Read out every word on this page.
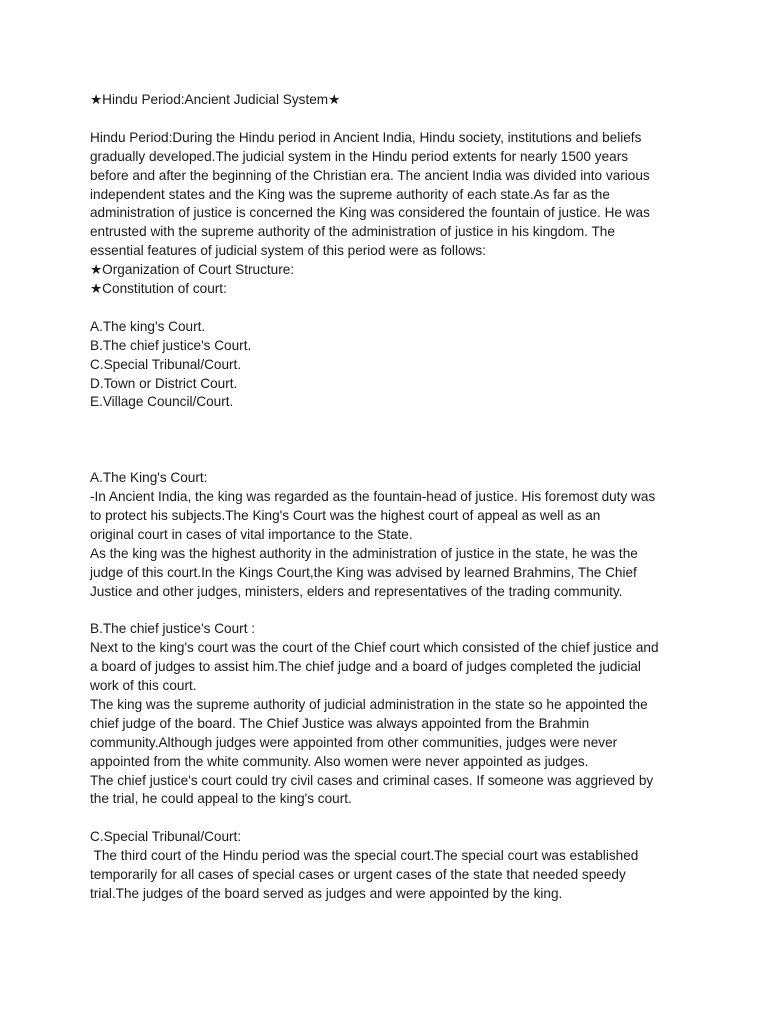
★Hindu Period:Ancient Judicial System★
Hindu Period:During the Hindu period in Ancient India, Hindu society, institutions and beliefs
gradually developed.The judicial system in the Hindu period extents for nearly 1500 years
before and after the beginning of the Christian era. The ancient India was divided into various
independent states and the King was the supreme authority of each state.As far as the
administration of justice is concerned the King was considered the fountain of justice. He was
entrusted with the supreme authority of the administration of justice in his kingdom. The
essential features of judicial system of this period were as follows:
★Organization of Court Structure:
★Constitution of court:
A.The king's Court.
B.The chief justice's Court.
C.Special Tribunal/Court.
D.Town or District Court.
E.Village Council/Court.
A.The King's Court:
-In Ancient India, the king was regarded as the fountain-head of justice. His foremost duty was
to protect his subjects.The King's Court was the highest court of appeal as well as an
original court in cases of vital importance to the State.
As the king was the highest authority in the administration of justice in the state, he was the
judge of this court.In the Kings Court,the King was advised by learned Brahmins, The Chief
Justice and other judges, ministers, elders and representatives of the trading community.
B.The chief justice's Court :
Next to the king's court was the court of the Chief court which consisted of the chief justice and
a board of judges to assist him.The chief judge and a board of judges completed the judicial
work of this court.
The king was the supreme authority of judicial administration in the state so he appointed the
chief judge of the board. The Chief Justice was always appointed from the Brahmin
community.Although judges were appointed from other communities, judges were never
appointed from the white community. Also women were never appointed as judges.
The chief justice's court could try civil cases and criminal cases. If someone was aggrieved by
the trial, he could appeal to the king's court.
C.Special Tribunal/Court:
The third court of the Hindu period was the special court.The special court was established
temporarily for all cases of special cases or urgent cases of the state that needed speedy
trial.The judges of the board served as judges and were appointed by the king.
